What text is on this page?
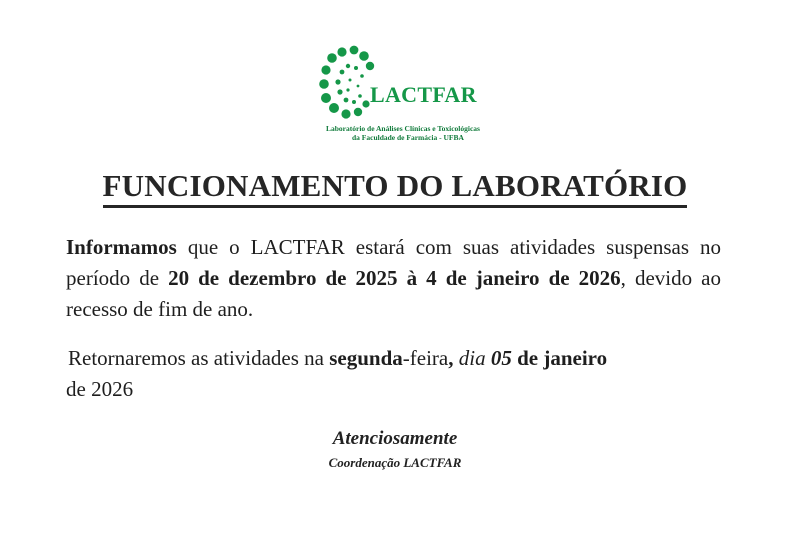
LACTFAR
Laboratório de Análises Clínicas e Toxicológicas
da Faculdade de Farmácia - UFBA
FUNCIONAMENTO DO LABORATÓRIO
Informamos que o LACTFAR estará com suas atividades suspensas no período de 20 de dezembro de 2025 à 4 de janeiro de 2026, devido ao recesso de fim de ano.
Retornaremos as atividades na segunda-feira, dia 05 de janeiro
de 2026
Atenciosamente
Coordenação LACTFAR
